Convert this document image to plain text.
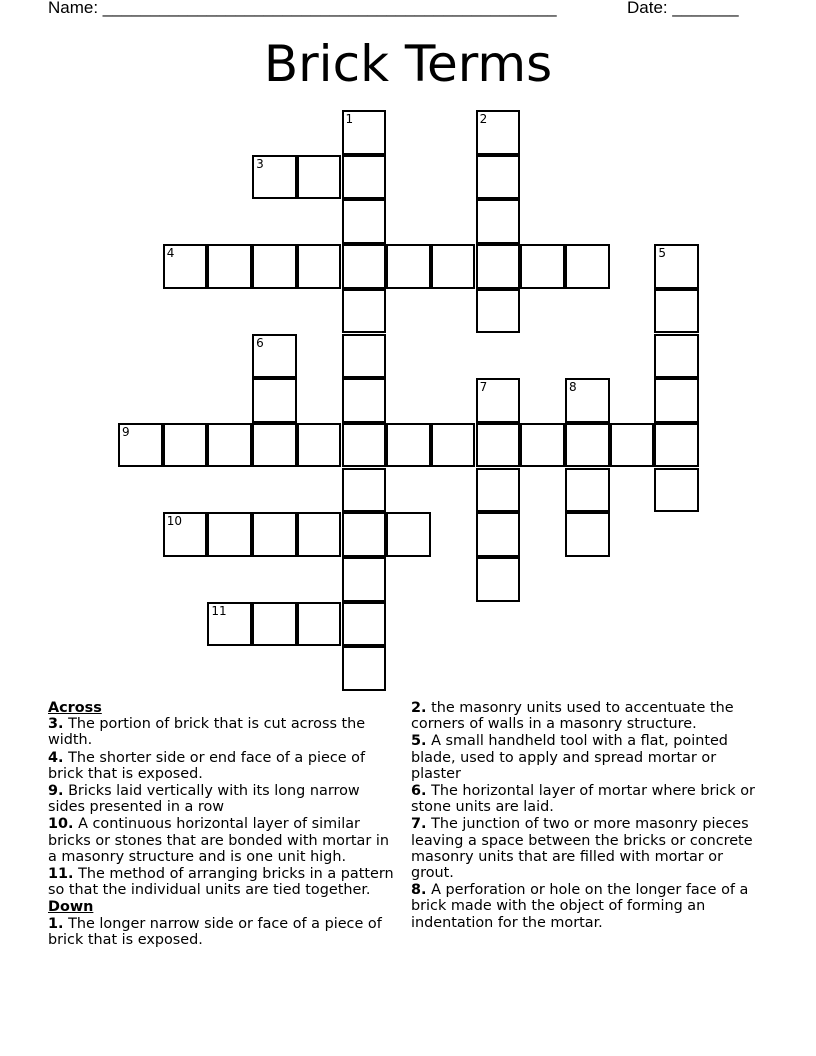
Name: ________________________________________________	Date: _______
Brick Terms
1	2
3
4	5
6
7	8
9
10
11
Across
3. The portion of brick that is cut across the width.
4. The shorter side or end face of a piece of brick that is exposed.
9. Bricks laid vertically with its long narrow sides presented in a row
10. A continuous horizontal layer of similar bricks or stones that are bonded with mortar in a masonry structure and is one unit high.
11. The method of arranging bricks in a pattern so that the individual units are tied together.
Down
1. The longer narrow side or face of a piece of brick that is exposed.
2. the masonry units used to accentuate the corners of walls in a masonry structure.
5. A small handheld tool with a flat, pointed blade, used to apply and spread mortar or plaster
6. The horizontal layer of mortar where brick or stone units are laid.
7. The junction of two or more masonry pieces leaving a space between the bricks or concrete masonry units that are filled with mortar or grout.
8. A perforation or hole on the longer face of a brick made with the object of forming an indentation for the mortar.
